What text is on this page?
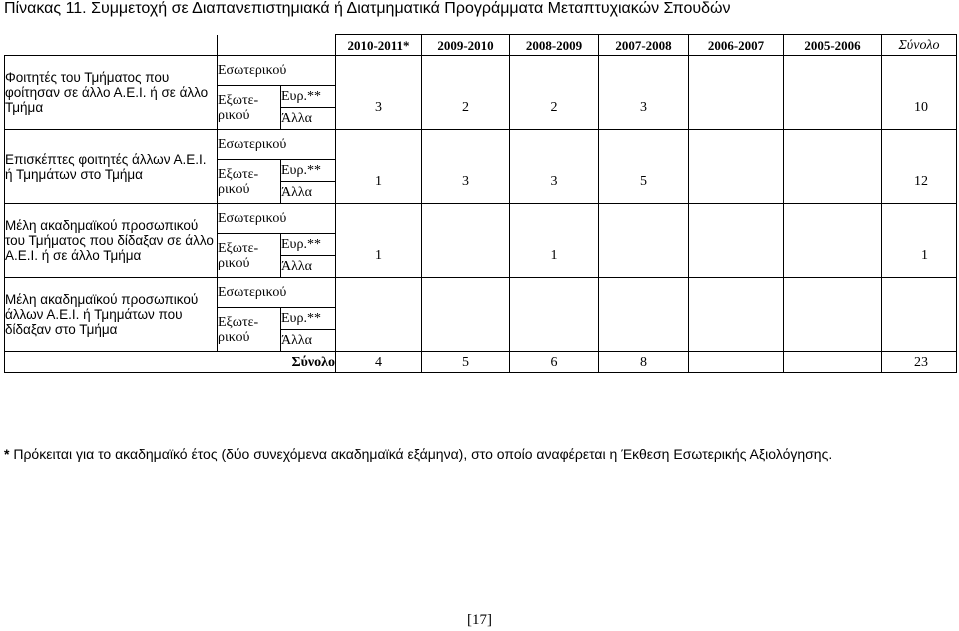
Πίνακας 11. Συμμετοχή σε Διαπανεπιστημιακά ή Διατμηματικά Προγράμματα Μεταπτυχιακών Σπουδών
			2010-2011*	2009-2010	2008-2009	2007-2008	2006-2007	2005-2006	Σύνολο
Φοιτητές του Τμήματος που φοίτησαν σε άλλο Α.Ε.Ι. ή σε άλλο Τμήμα	Εσωτερικού								

	Εξωτε-
ρικού	Ευρ.**	3	2	2	3			10
		Άλλα							
Επισκέπτες φοιτητές άλλων Α.Ε.Ι. ή Τμημάτων στο Τμήμα	Εσωτερικού								

	Εξωτε-
ρικού	Ευρ.**	1	3	3	5			12
		Άλλα							
Μέλη ακαδημαϊκού προσωπικού του Τμήματος που δίδαξαν σε άλλο Α.Ε.Ι. ή σε άλλο Τμήμα	Εσωτερικού								

	Εξωτε-
ρικού	Ευρ.**	1		1				1
		Άλλα							
Μέλη ακαδημαϊκού προσωπικού άλλων Α.Ε.Ι. ή Τμημάτων που δίδαξαν στο Τμήμα	Εσωτερικού								

	Εξωτε-
ρικού	Ευρ.**							
		Άλλα							
Σύνολο			4	5	6	8			23
* Πρόκειται για το ακαδημαϊκό έτος (δύο συνεχόμενα ακαδημαϊκά εξάμηνα), στο οποίο αναφέρεται η Έκθεση Εσωτερικής Αξιολόγησης.
[17]
